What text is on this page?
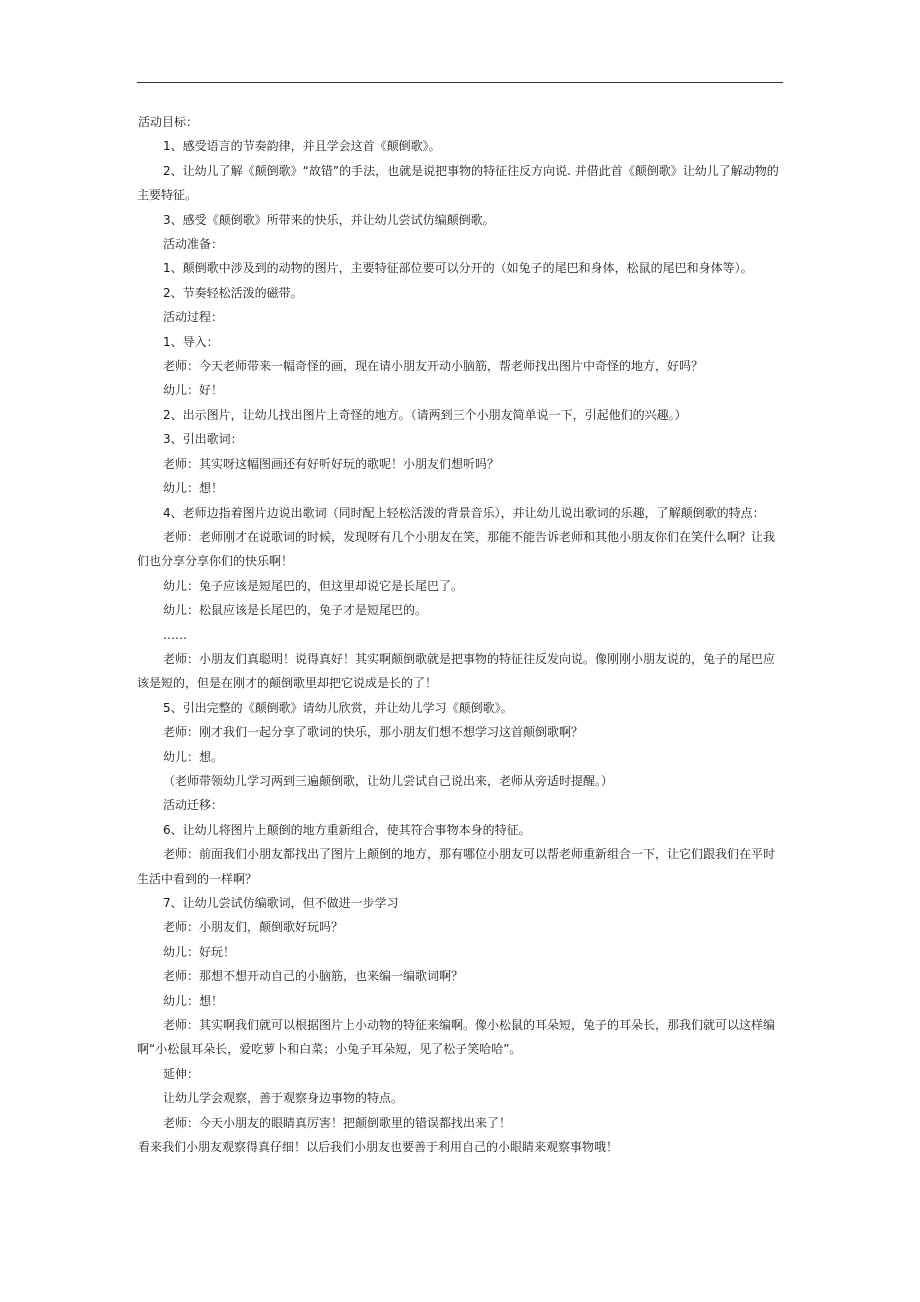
活动目标：

1、感受语言的节奏韵律，并且学会这首《颠倒歌》。

2、让幼儿了解《颠倒歌》“故错”的手法，也就是说把事物的特征往反方向说. 并借此首《颠倒歌》让幼儿了解动物的主要特征。

3、感受《颠倒歌》所带来的快乐，并让幼儿尝试仿编颠倒歌。

活动准备：

1、颠倒歌中涉及到的动物的图片，主要特征部位要可以分开的（如兔子的尾巴和身体，松鼠的尾巴和身体等）。

2、节奏轻松活泼的磁带。

活动过程：

1、导入：

老师：今天老师带来一幅奇怪的画，现在请小朋友开动小脑筋，帮老师找出图片中奇怪的地方，好吗？

幼儿：好！

2、出示图片，让幼儿找出图片上奇怪的地方。（请两到三个小朋友简单说一下，引起他们的兴趣。）

3、引出歌词：

老师：其实呀这幅图画还有好听好玩的歌呢！小朋友们想听吗？

幼儿：想！

4、老师边指着图片边说出歌词（同时配上轻松活泼的背景音乐），并让幼儿说出歌词的乐趣，了解颠倒歌的特点：

老师：老师刚才在说歌词的时候，发现呀有几个小朋友在笑，那能不能告诉老师和其他小朋友你们在笑什么啊？让我们也分享分享你们的快乐啊！

幼儿：兔子应该是短尾巴的，但这里却说它是长尾巴了。

幼儿：松鼠应该是长尾巴的，兔子才是短尾巴的。

……

老师：小朋友们真聪明！说得真好！其实啊颠倒歌就是把事物的特征往反发向说。像刚刚小朋友说的，兔子的尾巴应该是短的，但是在刚才的颠倒歌里却把它说成是长的了！

5、引出完整的《颠倒歌》请幼儿欣赏，并让幼儿学习《颠倒歌》。

老师：刚才我们一起分享了歌词的快乐，那小朋友们想不想学习这首颠倒歌啊？

幼儿：想。

（老师带领幼儿学习两到三遍颠倒歌，让幼儿尝试自己说出来，老师从旁适时提醒。）

活动迁移：

6、让幼儿将图片上颠倒的地方重新组合，使其符合事物本身的特征。

老师：前面我们小朋友都找出了图片上颠倒的地方，那有哪位小朋友可以帮老师重新组合一下，让它们跟我们在平时生活中看到的一样啊？

7、让幼儿尝试仿编歌词，但不做进一步学习

老师：小朋友们，颠倒歌好玩吗？

幼儿：好玩！

老师：那想不想开动自己的小脑筋，也来编一编歌词啊？

幼儿：想！

老师：其实啊我们就可以根据图片上小动物的特征来编啊。像小松鼠的耳朵短，兔子的耳朵长，那我们就可以这样编啊“小松鼠耳朵长，爱吃萝卜和白菜；小兔子耳朵短，见了松子笑哈哈”。

延伸：

让幼儿学会观察，善于观察身边事物的特点。

老师：今天小朋友的眼睛真厉害！把颠倒歌里的错误都找出来了！

看来我们小朋友观察得真仔细！以后我们小朋友也要善于利用自己的小眼睛来观察事物哦！
